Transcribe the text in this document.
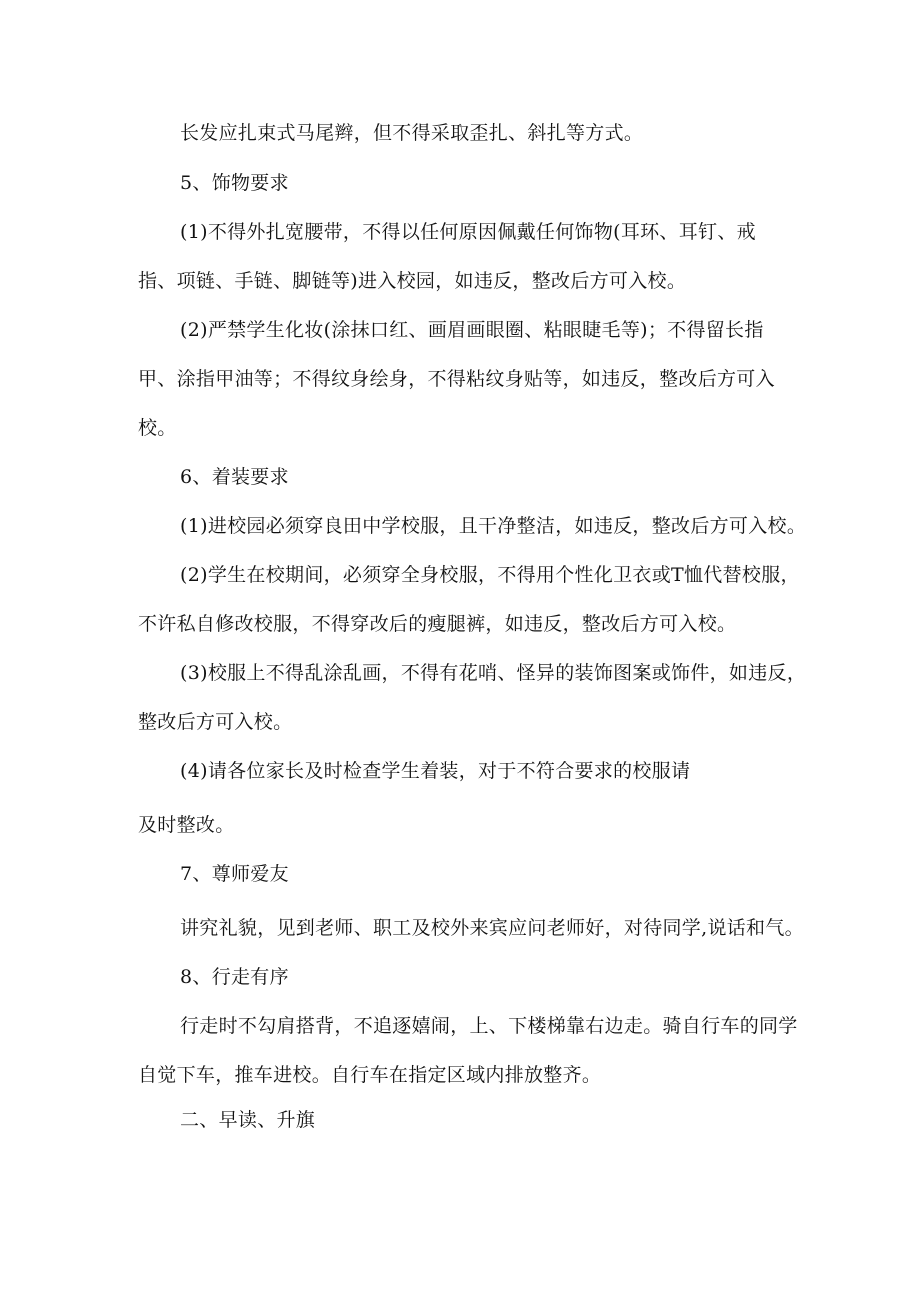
长发应扎束式马尾辫，但不得采取歪扎、斜扎等方式。
5、饰物要求
(1)不得外扎宽腰带，不得以任何原因佩戴任何饰物(耳环、耳钉、戒
指、项链、手链、脚链等)进入校园，如违反，整改后方可入校。
(2)严禁学生化妆(涂抹口红、画眉画眼圈、粘眼睫毛等)；不得留长指
甲、涂指甲油等；不得纹身绘身，不得粘纹身贴等，如违反，整改后方可入
校。
6、着装要求
(1)进校园必须穿良田中学校服，且干净整洁，如违反，整改后方可入校。
(2)学生在校期间，必须穿全身校服，不得用个性化卫衣或T恤代替校服，
不许私自修改校服，不得穿改后的瘦腿裤，如违反，整改后方可入校。
(3)校服上不得乱涂乱画，不得有花哨、怪异的装饰图案或饰件，如违反，
整改后方可入校。
(4)请各位家长及时检查学生着装，对于不符合要求的校服请
及时整改。
7、尊师爱友
讲究礼貌，见到老师、职工及校外来宾应问老师好，对待同学,说话和气。
8、行走有序
行走时不勾肩搭背，不追逐嬉闹，上、下楼梯靠右边走。骑自行车的同学
自觉下车，推车进校。自行车在指定区域内排放整齐。
二、早读、升旗
